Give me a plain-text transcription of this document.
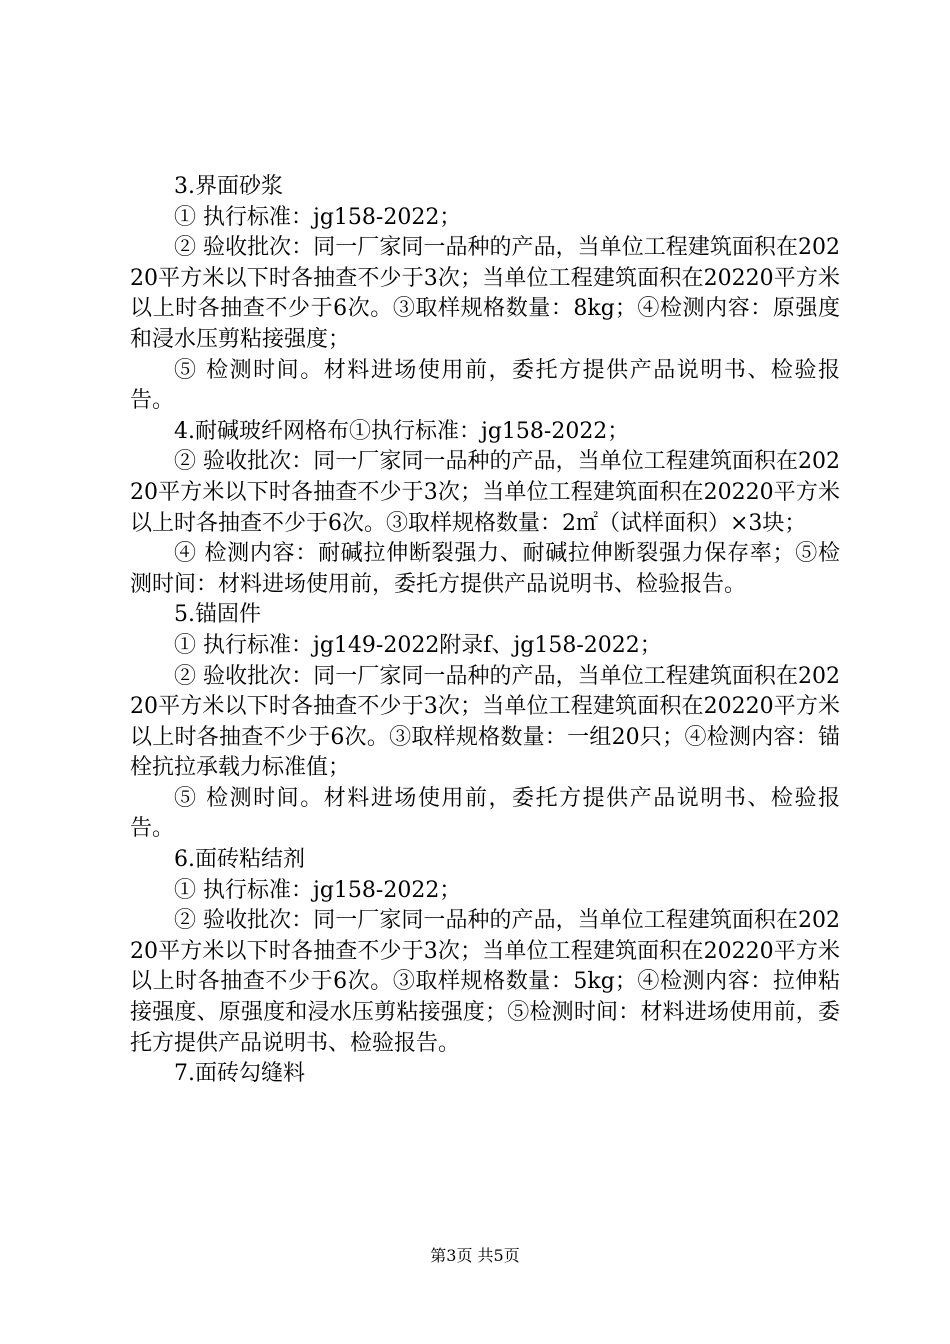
3.界面砂浆

① 执行标准：jg158-2022；

② 验收批次：同一厂家同一品种的产品，当单位工程建筑面积在20220平方米以下时各抽查不少于3次；当单位工程建筑面积在20220平方米以上时各抽查不少于6次。③取样规格数量：8kg；④检测内容：原强度和浸水压剪粘接强度；

⑤ 检测时间。材料进场使用前，委托方提供产品说明书、检验报告。

4.耐碱玻纤网格布①执行标准：jg158-2022；

② 验收批次：同一厂家同一品种的产品，当单位工程建筑面积在20220平方米以下时各抽查不少于3次；当单位工程建筑面积在20220平方米以上时各抽查不少于6次。③取样规格数量：2㎡（试样面积）×3块；

④ 检测内容：耐碱拉伸断裂强力、耐碱拉伸断裂强力保存率；⑤检测时间：材料进场使用前，委托方提供产品说明书、检验报告。

5.锚固件

① 执行标准：jg149-2022附录f、jg158-2022；

② 验收批次：同一厂家同一品种的产品，当单位工程建筑面积在20220平方米以下时各抽查不少于3次；当单位工程建筑面积在20220平方米以上时各抽查不少于6次。③取样规格数量：一组20只；④检测内容：锚栓抗拉承载力标准值；

⑤ 检测时间。材料进场使用前，委托方提供产品说明书、检验报告。

6.面砖粘结剂

① 执行标准：jg158-2022；

② 验收批次：同一厂家同一品种的产品，当单位工程建筑面积在20220平方米以下时各抽查不少于3次；当单位工程建筑面积在20220平方米以上时各抽查不少于6次。③取样规格数量：5kg；④检测内容：拉伸粘接强度、原强度和浸水压剪粘接强度；⑤检测时间：材料进场使用前，委托方提供产品说明书、检验报告。

7.面砖勾缝料

第3页 共5页
